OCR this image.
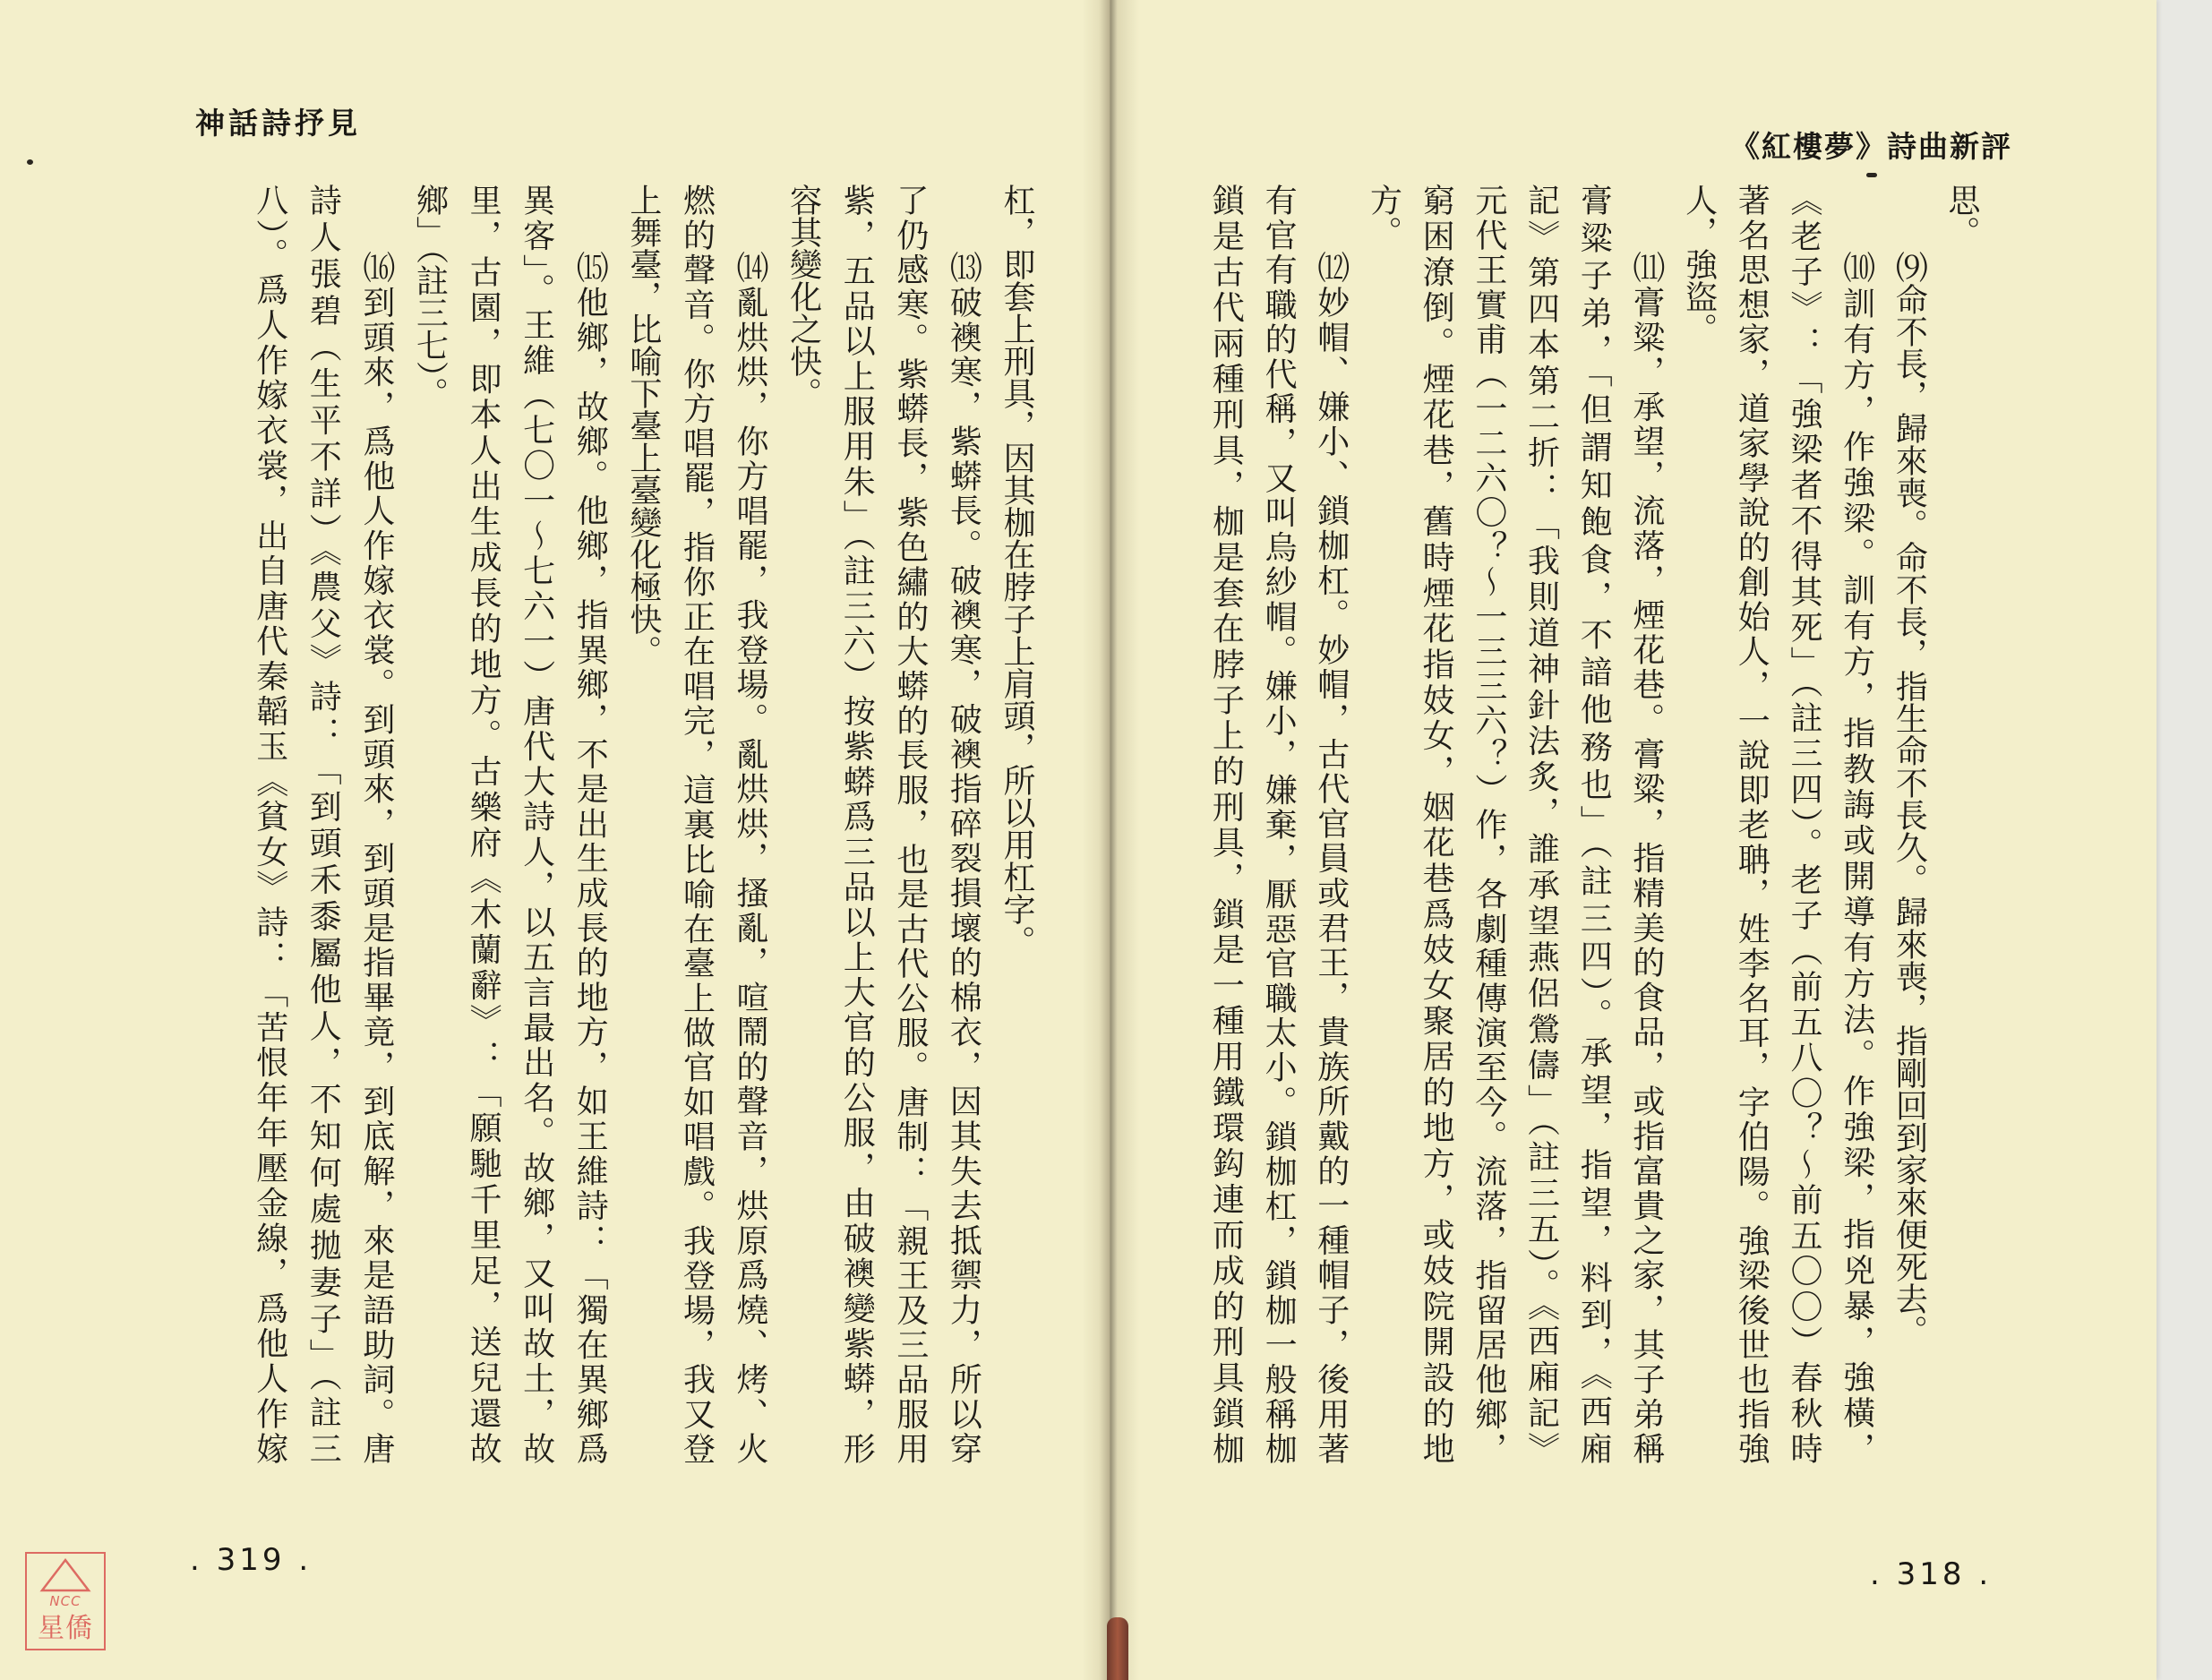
神話詩抒見
《紅樓夢》詩曲新評
杠，即套上刑具，因其枷在脖子上肩頭，所以用杠字。
⒀破襖寒，紫蟒長。破襖寒，破襖指碎裂損壞的棉衣，因其失去抵禦力，所以穿
了仍感寒。紫蟒長，紫色繡的大蟒的長服，也是古代公服。唐制：「親王及三品服用
紫，五品以上服用朱」（註三六）按紫蟒爲三品以上大官的公服，由破襖變紫蟒，形
容其變化之快。
⒁亂烘烘，你方唱罷，我登場。亂烘烘，搔亂，喧鬧的聲音，烘原爲燒、烤、火
燃的聲音。你方唱罷，指你正在唱完，這裏比喻在臺上做官如唱戲。我登場，我又登
上舞臺，比喻下臺上臺變化極快。
⒂他鄉，故鄉。他鄉，指異鄉，不是出生成長的地方，如王維詩：「獨在異鄉爲
異客」。王維（七〇一～七六一）唐代大詩人，以五言最出名。故鄉，又叫故土，故
里，古園，即本人出生成長的地方。古樂府《木蘭辭》：「願馳千里足，送兒還故
鄉」（註三七）。
⒃到頭來，爲他人作嫁衣裳。到頭來，到頭是指畢竟，到底解，來是語助詞。唐
詩人張碧（生平不詳）《農父》詩：「到頭禾黍屬他人，不知何處拋妻子」（註三
八）。爲人作嫁衣裳，出自唐代秦韜玉《貧女》詩：「苦恨年年壓金線，爲他人作嫁	思。
⑼命不長，歸來喪。命不長，指生命不長久。歸來喪，指剛回到家來便死去。
⑽訓有方，作強梁。訓有方，指教誨或開導有方法。作強梁，指兇暴，強橫，
《老子》：「強梁者不得其死」（註三四）。老子（前五八〇？～前五〇〇）春秋時
著名思想家，道家學說的創始人，一說即老聃，姓李名耳，字伯陽。強梁後世也指強
人，強盜。
⑾膏粱，承望，流落，煙花巷。膏粱，指精美的食品，或指富貴之家，其子弟稱
膏粱子弟，「但謂知飽食，不諳他務也」（註三四）。承望，指望，料到，《西廂
記》第四本第二折：「我則道神針法炙，誰承望燕侶鶯儔」（註三五）。《西廂記》
元代王實甫（一二六〇？～一三三六？）作，各劇種傳演至今。流落，指留居他鄉，
窮困潦倒。煙花巷，舊時煙花指妓女，姻花巷爲妓女聚居的地方，或妓院開設的地
方。
⑿妙帽、嫌小、鎖枷杠。妙帽，古代官員或君王，貴族所戴的一種帽子，後用著
有官有職的代稱，又叫烏紗帽。嫌小，嫌棄，厭惡官職太小。鎖枷杠，鎖枷一般稱枷
鎖是古代兩種刑具，枷是套在脖子上的刑具，鎖是一種用鐵環鈎連而成的刑具鎖枷
. 319 .	. 318 .
NCC
星僑
